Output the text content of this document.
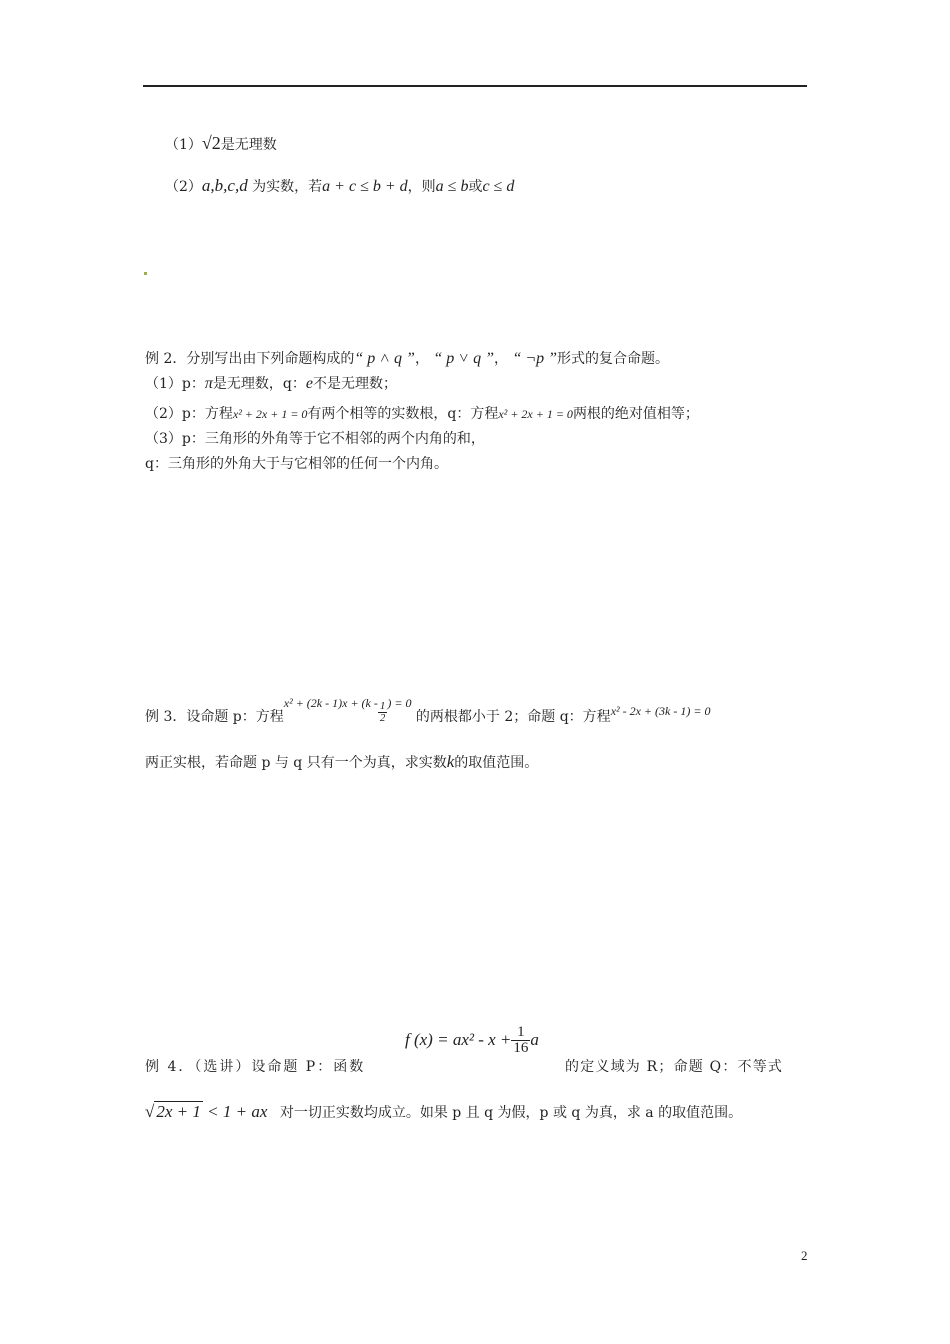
（1）√2是无理数
（2）a,b,c,d 为实数，若a + c ≤ b + d，则a ≤ b或c ≤ d
例 2．分别写出由下列命题构成的“ p ˄ q ”， “ p ˅ q ”， “ ¬p ”形式的复合命题。
（1）p：π是无理数，q：e不是无理数；
（2）p：方程x² + 2x + 1 = 0有两个相等的实数根，q：方程x² + 2x + 1 = 0两根的绝对值相等；
（3）p：三角形的外角等于它不相邻的两个内角的和，
q：三角形的外角大于与它相邻的任何一个内角。
例 3．设命题 p：方程$x^2 + (2k - 1)x + (k - \frac{1}{2}$ ) = 0 的两根都小于 2；命题 q：方程x² - 2x + (3k - 1) = 0
两正实根，若命题 p 与 q 只有一个为真，求实数k的取值范围。
f $(x) = ax^2 - x + \frac{1}{16}$ a
例 4．（选讲）设命题 P：函数	的定义域为 R；命题 Q：不等式
√ 2x + 1 < 1 + ax 对一切正实数均成立。如果 p 且 q 为假，p 或 q 为真，求 a 的取值范围。
2
